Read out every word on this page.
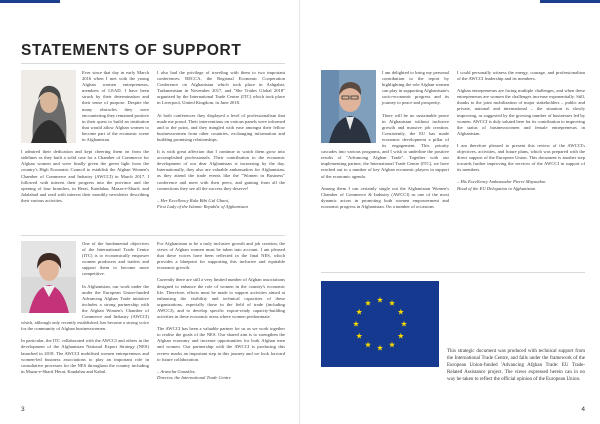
STATEMENTS OF SUPPORT

Ever since that day in early March 2016 when I met with the young Afghan women entrepreneurs, members of LEAD, I have been struck by their determination and their sense of purpose. Despite the many obstacles they were encountering they remained positive in their quest to build an institution that would allow Afghan women to become part of the economic scene in Afghanistan.

I admired their dedication and kept cheering them on from the sidelines as they built a solid case for a Chamber of Commerce for Afghan women and were finally given the green light from the country's High Economic Council to establish the Afghan Women's Chamber of Commerce and Industry (AWCCI) in March 2017. I followed with interest their progress into the province and the opening of four branches, in Herat, Kandahar, Mazar-e-Sharif, and Jalalabad and read with interest their monthly newsletter describing their various activities.

I also had the privilege of traveling with them to two important conferences: RECCA, the Regional Economic Cooperation Conference on Afghanistan which took place in Ashgabat, Turkmenistan in November 2017, and "She Trades Global 2018" organized by the International Trade Centre (ITC) which took place in Liverpool, United Kingdom, in June 2018.

At both conferences they displayed a level of professionalism that made me proud. Their interventions on various panels were informed and to the point, and they mingled with ease amongst their fellow businesswomen from other countries, exchanging information and building promising relationships.

It is with great affection that I continue to watch them grow into accomplished professionals. Their contribution to the economic development of our dear Afghanistan is increasing by the day. Internationally, they also are valuable ambassadors for Afghanistan, as they attend the trade events like the "Women in Business" conference and meet with their peers, and gaining from all the connections they see all the success they deserve!

– Her Excellency Rula Bibi Gul Ghani,
First Lady of the Islamic Republic of Afghanistan

One of the fundamental objectives of the International Trade Centre (ITC) is to economically empower women producers and traders and support them to become more competitive.

In Afghanistan, our work under the under the European Union-funded Advancing Afghan Trade initiative includes a strong partnership with the Afghan Women's Chamber of Commerce and Industry (AWCCI) which, although only recently established, has become a strong voice for the community of Afghan businesswomen.

In particular, the ITC collaborated with the AWCCI and others in the development of the Afghanistan National Export Strategy (NES) launched in 2018. The AWCCI mobilised women entrepreneurs and women-led business associations to play an important role in consultative processes for the NES throughout the country including in Mazar-e-Sharif Herat, Kandahar and Kabul.

For Afghanistan to be a truly inclusive growth and job creation, the views of Afghan women must be taken into account. I am pleased that these voices have been reflected in the final NES, which provides a blueprint for supporting this inclusive and equitable economic growth.

Currently there are still a very limited number of Afghan associations designed to enhance the role of women in the country's economic life. Therefore, efforts must be made to support activities aimed at enhancing the visibility and technical capacities of these organizations, especially those in the field of trade (including AWCCI), and to develop specific export-ready capacity-building activities in these economic areas where women predominate.

The AWCCI has been a valuable partner for us as we work together to realise the goals of the NES. Our shared aim is to strengthen the Afghan economy and increase opportunities for both Afghan men and women. Our partnership with the AWCCI is producing this review marks an important step in this journey and we look forward to future collaboration.

– Arancha González,
Director, the International Trade Centre
3

I am delighted to bring my personal contribution to the report by highlighting the role Afghan women can play in supporting Afghanistan's socio-economic progress and its journey to peace and prosperity.

There will be no sustainable peace in Afghanistan without inclusive growth and massive job creation. Consistently, the EU has made economic development a pillar of its engagement. This priority cascades into various programs, and I wish to underline the positive results of "Advancing Afghan Trade". Together with our implementing partner, the International Trade Centre (ITC), we have reached out to a number of key Afghan economic players in support of the economic agenda.

Among them I can certainly single out the Afghanistan Women's Chamber of Commerce & Industry (AWCCI) as one of the most dynamic actors in promoting both women empowerment and economic progress in Afghanistan. On a number of occasions

I could personally witness the energy, courage, and professionalism of the AWCCI leadership and its members.

Afghan entrepreneurs are facing multiple challenges, and when these entrepreneurs are women the challenges increase exponentially. Still, thanks to the joint mobilization of major stakeholders – public and private, national and international – the situation is slowly improving, as suggested by the growing number of businesses led by women. AWCCI is duly saluted here for its contribution to improving the status of businesswomen and female entrepreneurs in Afghanistan.

I am therefore pleased to present this review of the AWCCI's objectives, activities, and future plans, which was prepared with the direct support of the European Union. This document is another step towards further improving the services of the AWCCI in support of its members.

– His Excellency Ambassador Pierre Mayaudon
Head of the EU Delegation to Afghanistan
This strategic document was produced with technical support from the International Trade Centre, and falls under the framework of the European Union-funded 'Advancing Afghan Trade: EU Trade-Related Assistance project. The views expressed herein can in no way be taken to reflect the official opinion of the European Union.
4
